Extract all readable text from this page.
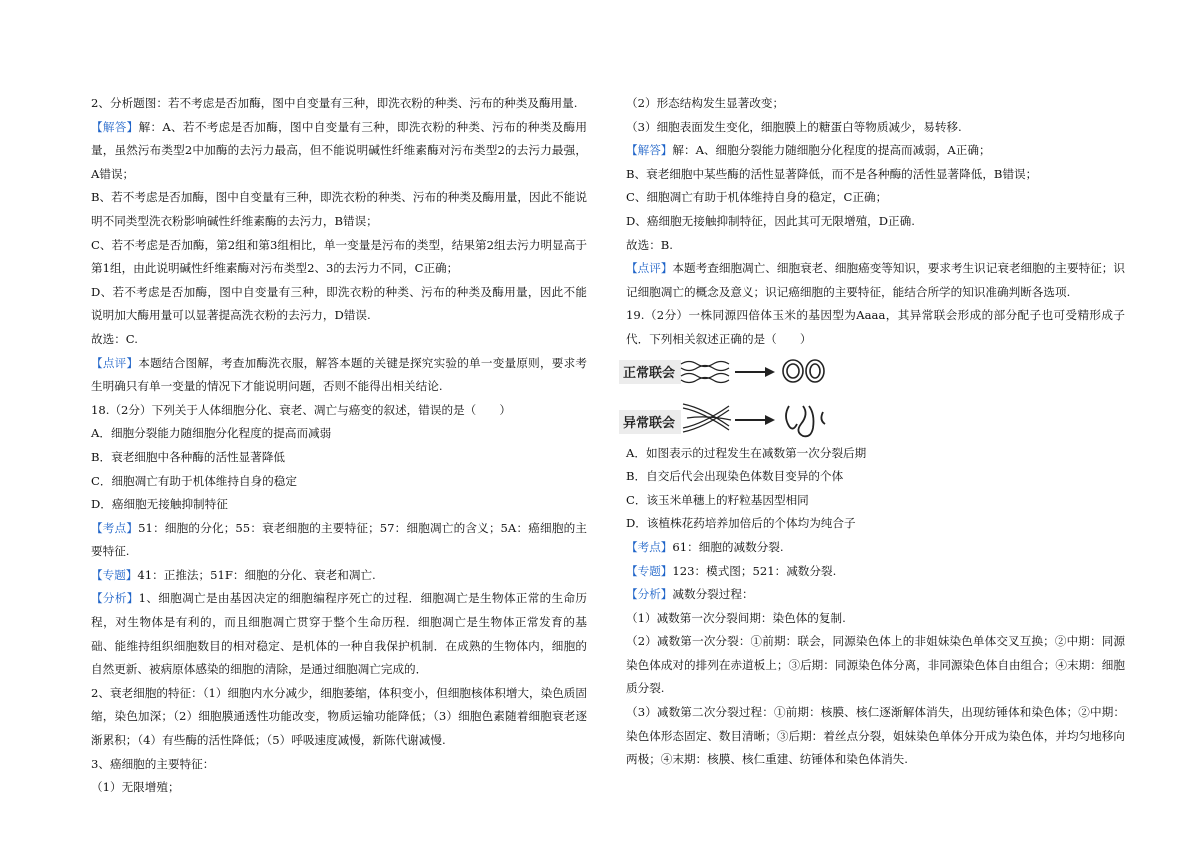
2、分析题图：若不考虑是否加酶，图中自变量有三种，即洗衣粉的种类、污布的种类及酶用量.

【解答】解：A、若不考虑是否加酶，图中自变量有三种，即洗衣粉的种类、污布的种类及酶用量，虽然污布类型2中加酶的去污力最高，但不能说明碱性纤维素酶对污布类型2的去污力最强，A错误；

B、若不考虑是否加酶，图中自变量有三种，即洗衣粉的种类、污布的种类及酶用量，因此不能说明不同类型洗衣粉影响碱性纤维素酶的去污力，B错误；

C、若不考虑是否加酶，第2组和第3组相比，单一变量是污布的类型，结果第2组去污力明显高于第1组，由此说明碱性纤维素酶对污布类型2、3的去污力不同，C正确；

D、若不考虑是否加酶，图中自变量有三种，即洗衣粉的种类、污布的种类及酶用量，因此不能说明加大酶用量可以显著提高洗衣粉的去污力，D错误.

故选：C.

【点评】本题结合图解，考查加酶洗衣服，解答本题的关键是探究实验的单一变量原则，要求考生明确只有单一变量的情况下才能说明问题，否则不能得出相关结论.

18.（2分）下列关于人体细胞分化、衰老、凋亡与癌变的叙述，错误的是（　　）

A．细胞分裂能力随细胞分化程度的提高而减弱

B．衰老细胞中各种酶的活性显著降低

C．细胞凋亡有助于机体维持自身的稳定

D．癌细胞无接触抑制特征

【考点】51：细胞的分化；55：衰老细胞的主要特征；57：细胞凋亡的含义；5A：癌细胞的主要特征.

【专题】41：正推法；51F：细胞的分化、衰老和凋亡.

【分析】1、细胞凋亡是由基因决定的细胞编程序死亡的过程．细胞凋亡是生物体正常的生命历程，对生物体是有利的，而且细胞凋亡贯穿于整个生命历程．细胞凋亡是生物体正常发育的基础、能维持组织细胞数目的相对稳定、是机体的一种自我保护机制．在成熟的生物体内，细胞的自然更新、被病原体感染的细胞的清除，是通过细胞凋亡完成的．

2、衰老细胞的特征：（1）细胞内水分减少，细胞萎缩，体积变小，但细胞核体积增大，染色质固缩，染色加深；（2）细胞膜通透性功能改变，物质运输功能降低；（3）细胞色素随着细胞衰老逐渐累积；（4）有些酶的活性降低；（5）呼吸速度减慢，新陈代谢减慢.

3、癌细胞的主要特征：

（1）无限增殖；

（2）形态结构发生显著改变；

（3）细胞表面发生变化，细胞膜上的糖蛋白等物质减少，易转移.

【解答】解：A、细胞分裂能力随细胞分化程度的提高而减弱，A正确；

B、衰老细胞中某些酶的活性显著降低，而不是各种酶的活性显著降低，B错误；

C、细胞凋亡有助于机体维持自身的稳定，C正确；

D、癌细胞无接触抑制特征，因此其可无限增殖，D正确.

故选：B.

【点评】本题考查细胞凋亡、细胞衰老、细胞癌变等知识，要求考生识记衰老细胞的主要特征；识记细胞凋亡的概念及意义；识记癌细胞的主要特征，能结合所学的知识准确判断各选项.

19.（2分）一株同源四倍体玉米的基因型为Aaaa，其异常联会形成的部分配子也可受精形成子代．下列相关叙述正确的是（　　）

正常联会
异常联会

A．如图表示的过程发生在减数第一次分裂后期

B．自交后代会出现染色体数目变异的个体

C．该玉米单穗上的籽粒基因型相同

D．该植株花药培养加倍后的个体均为纯合子

【考点】61：细胞的减数分裂.

【专题】123：模式图；521：减数分裂.

【分析】减数分裂过程：

（1）减数第一次分裂间期：染色体的复制.

（2）减数第一次分裂：①前期：联会，同源染色体上的非姐妹染色单体交叉互换；②中期：同源染色体成对的排列在赤道板上；③后期：同源染色体分离，非同源染色体自由组合；④末期：细胞质分裂.

（3）减数第二次分裂过程：①前期：核膜、核仁逐渐解体消失，出现纺锤体和染色体；②中期：染色体形态固定、数目清晰；③后期：着丝点分裂，姐妹染色单体分开成为染色体，并均匀地移向两极；④末期：核膜、核仁重建、纺锤体和染色体消失.
